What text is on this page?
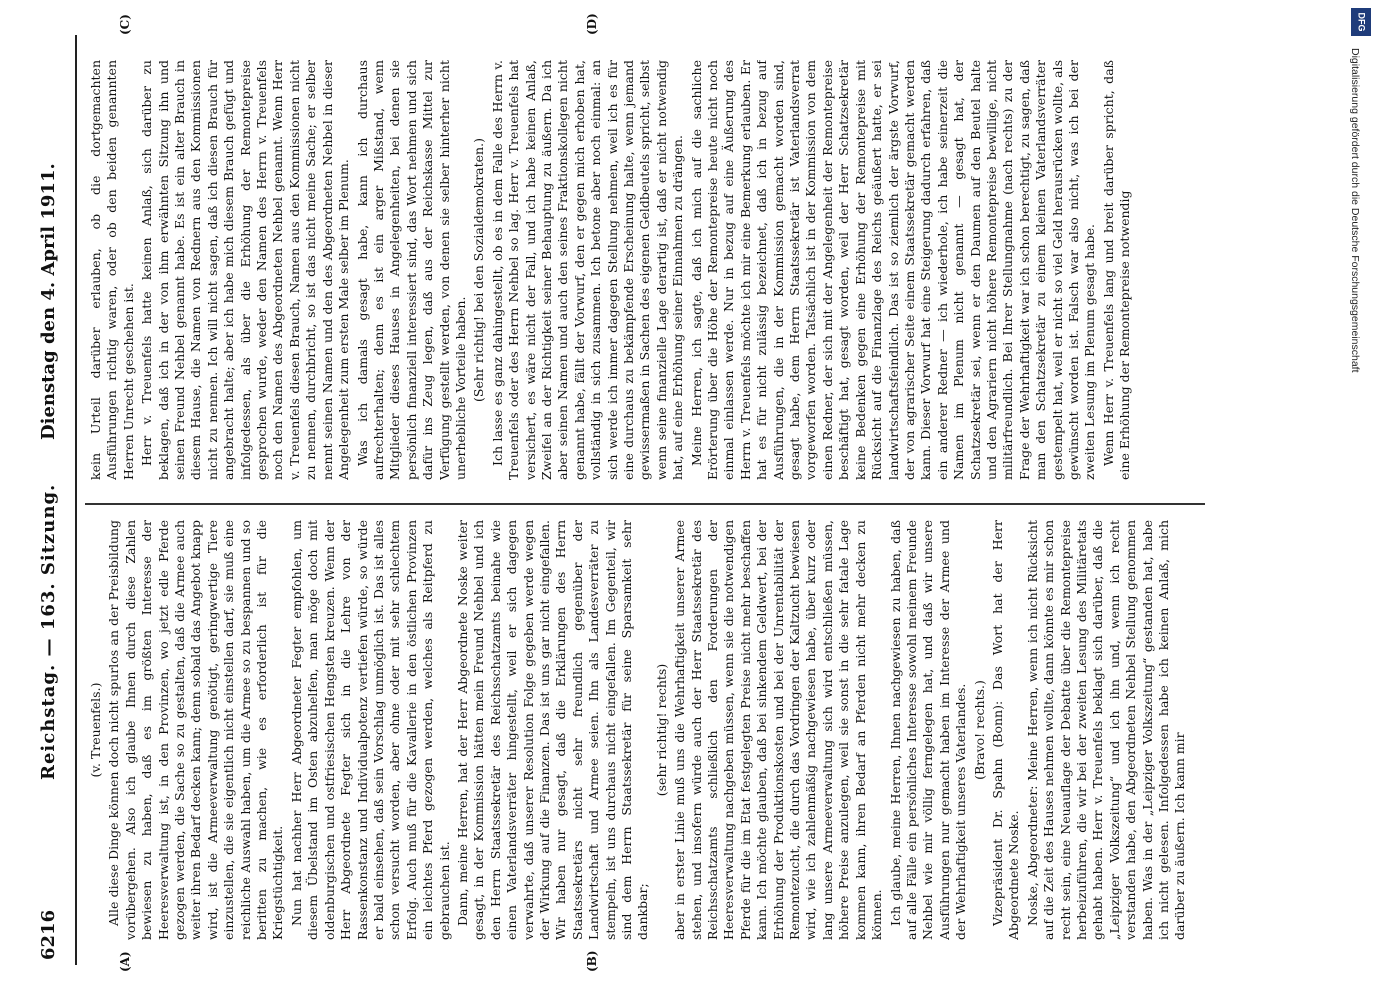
6216
Reichstag. — 163. Sitzung.
Dienstag den 4. April 1911.
(A)	(B)
(C)	(D)

(v. Treuenfels.) Alle diese Dinge können doch nicht spurlos an der Preisbildung vorübergehen. Also ich glaube Ihnen durch diese Zahlen bewiesen zu haben, daß es im größten Interesse der Heeresverwaltung ist, in den Provinzen, wo jetzt edle Pferde gezogen werden, die Sache so zu gestalten, daß die Armee auch weiter ihren Bedarf decken kann; denn sobald das Angebot knapp wird, ist die Armeeverwaltung genötigt, geringwertige Tiere einzustellen, die sie eigentlich nicht einstellen darf, sie muß eine reichliche Auswahl haben, um die Armee so zu bespannen und so beritten zu machen, wie es erforderlich ist für die Kriegstüchtigkeit. Nun hat nachher Herr Abgeordneter Fegter empfohlen, um diesem Übelstand im Osten abzuhelfen, man möge doch mit oldenburgischen und ostfriesischen Hengsten kreuzen. Wenn der Herr Abgeordnete Fegter sich in die Lehre von der Rassenkonstanz und Individualpotenz vertiefen würde, so würde er bald einsehen, daß sein Vorschlag unmöglich ist. Das ist alles schon versucht worden, aber ohne oder mit sehr schlechtem Erfolg. Auch muß für die Kavallerie in den östlichen Provinzen ein leichtes Pferd gezogen werden, welches als Reitpferd zu gebrauchen ist. Dann, meine Herren, hat der Herr Abgeordnete Noske weiter gesagt, in der Kommission hätten mein Freund Nehbel und ich den Herrn Staatssekretär des Reichsschatzamts beinahe wie einen Vaterlandsverräter hingestellt, weil er sich dagegen verwahrte, daß unserer Resolution Folge gegeben werde wegen der Wirkung auf die Finanzen. Das ist uns gar nicht eingefallen. Wir haben nur gesagt, daß die Erklärungen des Herrn Staatssekretärs nicht sehr freundlich gegenüber der Landwirtschaft und Armee seien. Ihn als Landesverräter zu stempeln, ist uns durchaus nicht eingefallen. Im Gegenteil, wir sind dem Herrn Staatssekretär für seine Sparsamkeit sehr dankbar;

(sehr richtig! rechts) aber in erster Linie muß uns die Wehrhaftigkeit unserer Armee stehen, und insofern würde auch der Herr Staatssekretär des Reichsschatzamts schließlich den Forderungen der Heeresverwaltung nachgeben müssen, wenn sie die notwendigen Pferde für die im Etat festgelegten Preise nicht mehr beschaffen kann. Ich möchte glauben, daß bei sinkendem Geldwert, bei der Erhöhung der Produktionskosten und bei der Unrentabilität der Remontezucht, die durch das Vordringen der Kaltzucht bewiesen wird, wie ich zahlenmäßig nachgewiesen habe, über kurz oder lang unsere Armeeverwaltung sich wird entschließen müssen, höhere Preise anzulegen, weil sie sonst in die sehr fatale Lage kommen kann, ihren Bedarf an Pferden nicht mehr decken zu können. Ich glaube, meine Herren, Ihnen nachgewiesen zu haben, daß auf alle Fälle ein persönliches Interesse sowohl meinem Freunde Nehbel wie mir völlig ferngelegen hat, und daß wir unsere Ausführungen nur gemacht haben im Interesse der Armee und der Wehrhaftigkeit unseres Vaterlandes. (Bravo! rechts.) Vizepräsident Dr. Spahn (Bonn): Das Wort hat der Herr Abgeordnete Noske. Noske, Abgeordneter: Meine Herren, wenn ich nicht Rücksicht auf die Zeit des Hauses nehmen wollte, dann könnte es mir schon recht sein, eine Neuauflage der Debatte über die Remontepreise herbeizuführen, die wir bei der zweiten Lesung des Militäretats gehabt haben. Herr v. Treuenfels beklagt sich darüber, daß die „Leipziger Volkszeitung“ und ich ihn und, wenn ich recht verstanden habe, den Abgeordneten Nehbel Stellung genommen haben. Was in der „Leipziger Volkszeitung“ gestanden hat, habe ich nicht gelesen. Infolgedessen habe ich keinen Anlaß, mich darüber zu äußern. Ich kann mir

kein Urteil darüber erlauben, ob die dortgemachten Ausführungen richtig waren, oder ob den beiden genannten Herren Unrecht geschehen ist. Herr v. Treuenfels hatte keinen Anlaß, sich darüber zu beklagen, daß ich in der von ihm erwähnten Sitzung ihn und seinen Freund Nehbel genannt habe. Es ist ein alter Brauch in diesem Hause, die Namen von Rednern aus den Kommissionen nicht zu nennen. Ich will nicht sagen, daß ich diesen Brauch für angebracht halte; aber ich habe mich diesem Brauch gefügt und infolgedessen, als über die Erhöhung der Remontepreise gesprochen wurde, weder den Namen des Herrn v. Treuenfels noch den Namen des Abgeordneten Nehbel genannt. Wenn Herr v. Treuenfels diesen Brauch, Namen aus den Kommissionen nicht zu nennen, durchbricht, so ist das nicht meine Sache; er selber nennt seinen Namen und den des Abgeordneten Nehbel in dieser Angelegenheit zum ersten Male selber im Plenum. Was ich damals gesagt habe, kann ich durchaus aufrechterhalten; denn es ist ein arger Mißstand, wenn Mitglieder dieses Hauses in Angelegenheiten, bei denen sie persönlich finanziell interessiert sind, das Wort nehmen und sich dafür ins Zeug legen, daß aus der Reichskasse Mittel zur Verfügung gestellt werden, von denen sie selber hinterher nicht unerhebliche Vorteile haben. (Sehr richtig! bei den Sozialdemokraten.) Ich lasse es ganz dahingestellt, ob es in dem Falle des Herrn v. Treuenfels oder des Herrn Nehbel so lag. Herr v. Treuenfels hat versichert, es wäre nicht der Fall, und ich habe keinen Anlaß, Zweifel an der Richtigkeit seiner Behauptung zu äußern. Da ich aber seinen Namen und auch den seines Fraktionskollegen nicht genannt habe, fällt der Vorwurf, den er gegen mich erhoben hat, vollständig in sich zusammen. Ich betone aber noch einmal: an sich werde ich immer dagegen Stellung nehmen, weil ich es für eine durchaus zu bekämpfende Erscheinung halte, wenn jemand gewissermaßen in Sachen des eigenen Geldbeutels spricht, selbst wenn seine finanzielle Lage derartig ist, daß er nicht notwendig hat, auf eine Erhöhung seiner Einnahmen zu drängen. Meine Herren, ich sagte, daß ich mich auf die sachliche Erörterung über die Höhe der Remontepreise heute nicht noch einmal einlassen werde. Nur in bezug auf eine Äußerung des Herrn v. Treuenfels möchte ich mir eine Bemerkung erlauben. Er hat es für nicht zulässig bezeichnet, daß ich in bezug auf Ausführungen, die in der Kommission gemacht worden sind, gesagt habe, dem Herrn Staatssekretär ist Vaterlandsverrat vorgeworfen worden. Tatsächlich ist in der Kommission von dem einen Redner, der sich mit der Angelegenheit der Remontepreise beschäftigt hat, gesagt worden, weil der Herr Schatzsekretär keine Bedenken gegen eine Erhöhung der Remontepreise mit Rücksicht auf die Finanzlage des Reichs geäußert hatte, er sei landwirtschaftsfeindlich. Das ist so ziemlich der ärgste Vorwurf, der von agrarischer Seite einem Staatssekretär gemacht werden kann. Dieser Vorwurf hat eine Steigerung dadurch erfahren, daß ein anderer Redner — ich wiederhole, ich habe seinerzeit die Namen im Plenum nicht genannt — gesagt hat, der Schatzsekretär sei, wenn er den Daumen auf den Beutel halte und den Agrariern nicht höhere Remontepreise bewillige, nicht militärfreundlich. Bei Ihrer Stellungnahme (nach rechts) zu der Frage der Wehrhaftigkeit war ich schon berechtigt, zu sagen, daß man den Schatzsekretär zu einem kleinen Vaterlandsverräter gestempelt hat, weil er nicht so viel Geld herausrücken wollte, als gewünscht worden ist. Falsch war also nicht, was ich bei der zweiten Lesung im Plenum gesagt habe. Wenn Herr v. Treuenfels lang und breit darüber spricht, daß eine Erhöhung der Remontepreise notwendig

DFG
Digitalisierung gefördert durch die Deutsche Forschungsgemeinschaft
